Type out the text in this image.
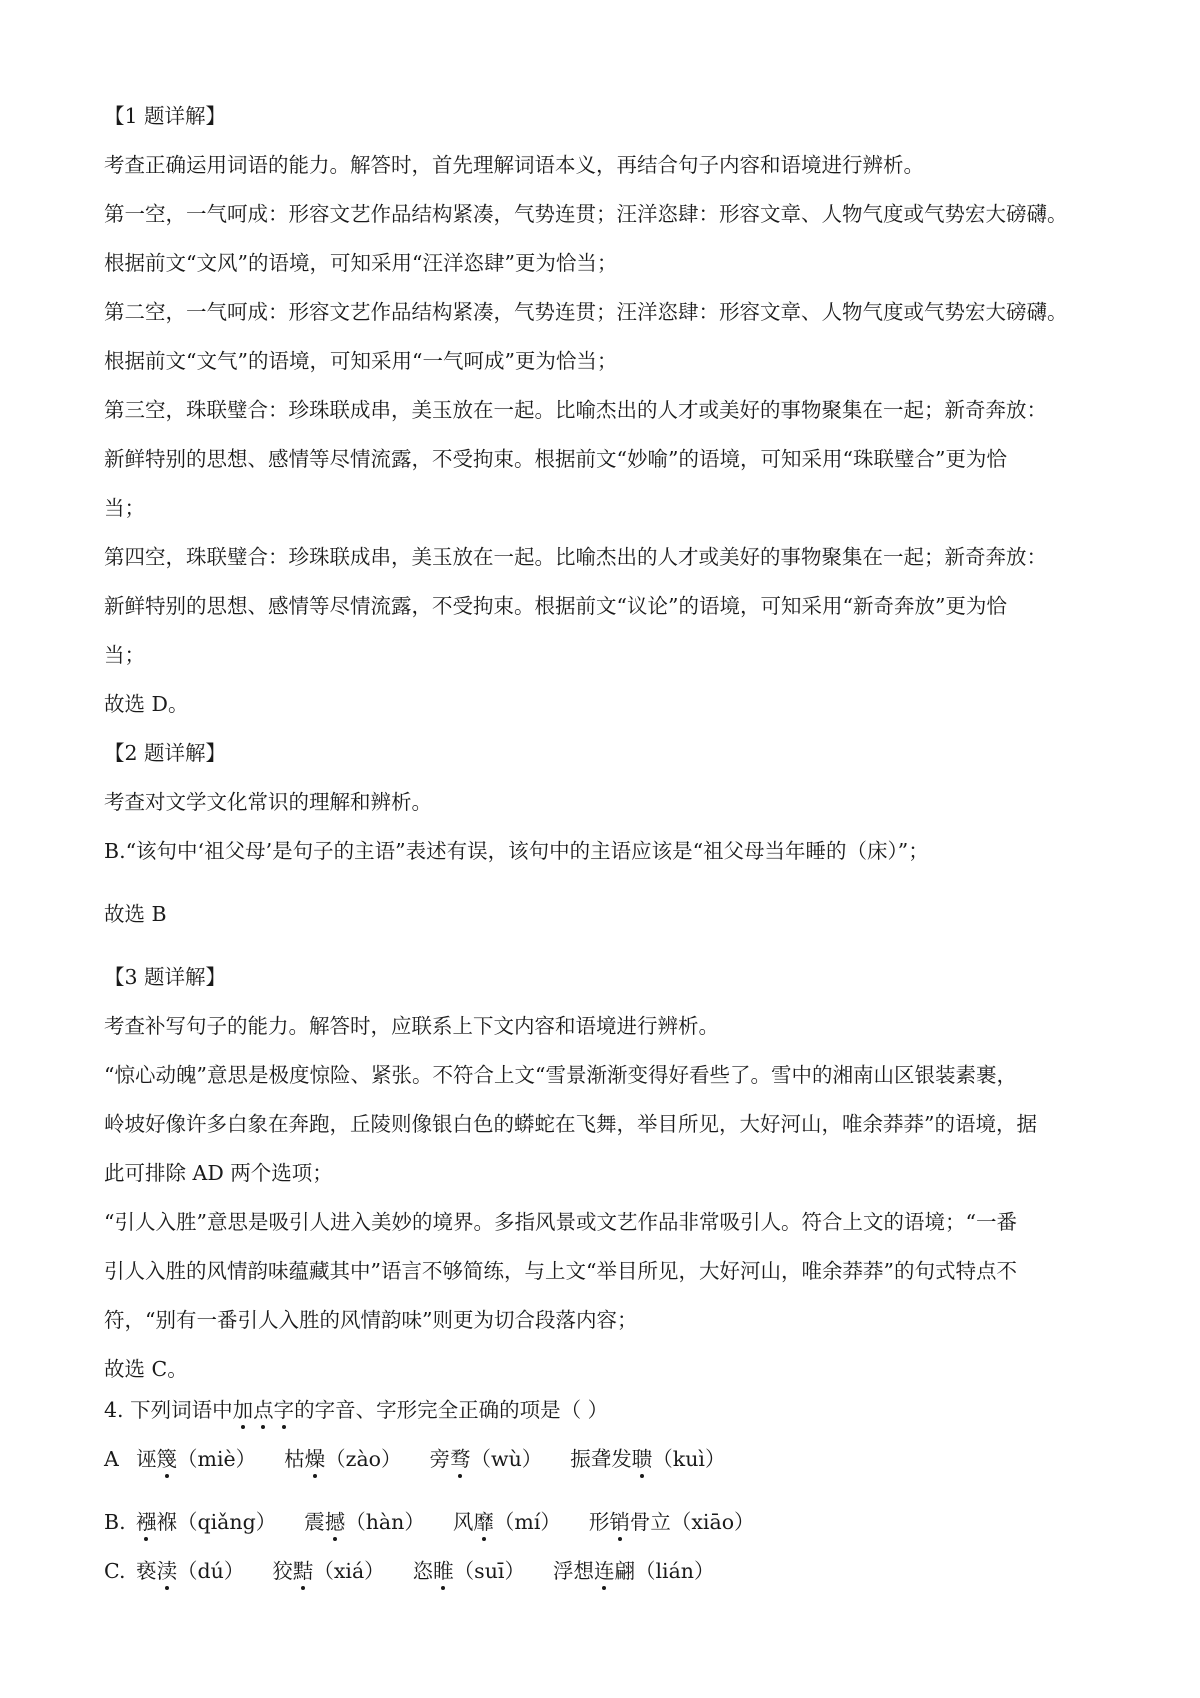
【1 题详解】
考查正确运用词语的能力。解答时，首先理解词语本义，再结合句子内容和语境进行辨析。
第一空，一气呵成：形容文艺作品结构紧凑，气势连贯；汪洋恣肆：形容文章、人物气度或气势宏大磅礴。
根据前文“文风”的语境，可知采用“汪洋恣肆”更为恰当；
第二空，一气呵成：形容文艺作品结构紧凑，气势连贯；汪洋恣肆：形容文章、人物气度或气势宏大磅礴。
根据前文“文气”的语境，可知采用“一气呵成”更为恰当；
第三空，珠联璧合：珍珠联成串，美玉放在一起。比喻杰出的人才或美好的事物聚集在一起；新奇奔放：
新鲜特别的思想、感情等尽情流露，不受拘束。根据前文“妙喻”的语境，可知采用“珠联璧合”更为恰
当；
第四空，珠联璧合：珍珠联成串，美玉放在一起。比喻杰出的人才或美好的事物聚集在一起；新奇奔放：
新鲜特别的思想、感情等尽情流露，不受拘束。根据前文“议论”的语境，可知采用“新奇奔放”更为恰
当；
故选 D。
【2 题详解】
考查对文学文化常识的理解和辨析。
B.“该句中‘祖父母’是句子的主语”表述有误，该句中的主语应该是“祖父母当年睡的（床）”；
故选 B
【3 题详解】
考查补写句子的能力。解答时，应联系上下文内容和语境进行辨析。
“惊心动魄”意思是极度惊险、紧张。不符合上文“雪景渐渐变得好看些了。雪中的湘南山区银装素裹，
岭坡好像许多白象在奔跑，丘陵则像银白色的蟒蛇在飞舞，举目所见，大好河山，唯余莽莽”的语境，据
此可排除 AD 两个选项；
“引人入胜”意思是吸引人进入美妙的境界。多指风景或文艺作品非常吸引人。符合上文的语境；“一番
引人入胜的风情韵味蕴藏其中”语言不够简练，与上文“举目所见，大好河山，唯余莽莽”的句式特点不
符，“别有一番引人入胜的风情韵味”则更为切合段落内容；
故选 C。
4. 下列词语中加点字的字音、字形完全正确的项是（ ）
A 诬篾（miè） 枯燥（zào） 旁骛（wù） 振聋发聩（kuì）
B. 襁褓（qiǎng） 震撼（hàn） 风靡（mí） 形销骨立（xiāo）
C. 亵渎（dú） 狡黠（xiá） 恣睢（suī） 浮想连翩（lián）
